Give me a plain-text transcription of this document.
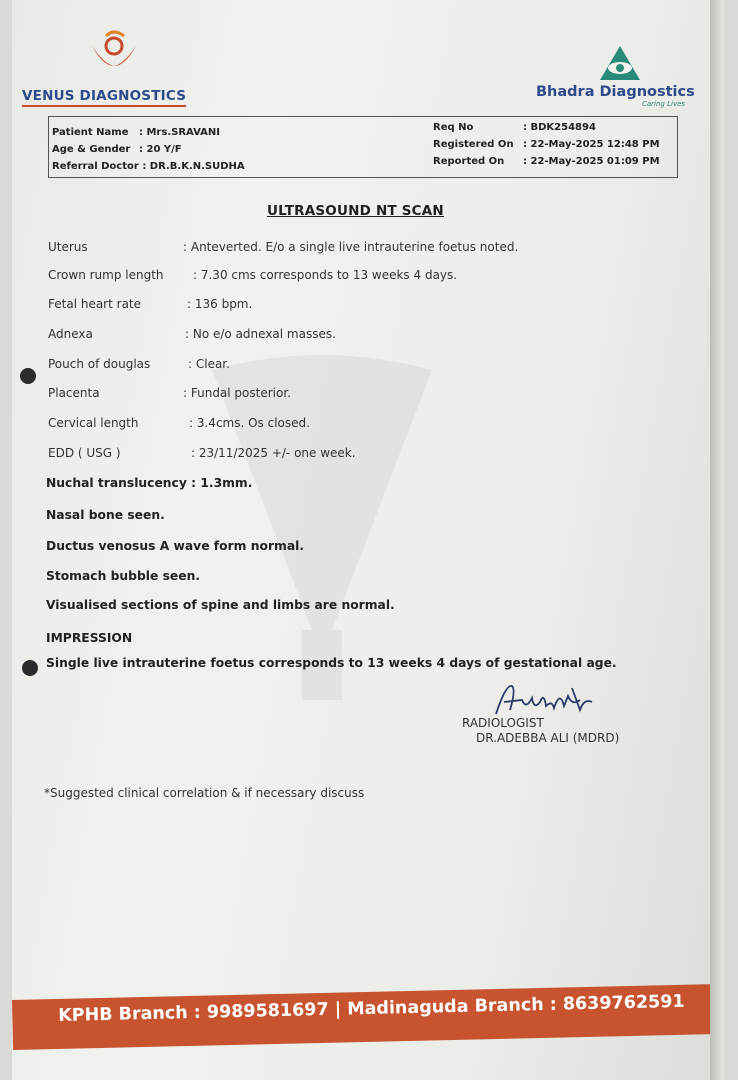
VENUS DIAGNOSTICS	Bhadra Diagnostics
Caring Lives
Patient Name : Mrs.SRAVANI
Age & Gender : 20 Y/F
Referral Doctor : DR.B.K.N.SUDHA
Req No	: BDK254894
Registered On : 22-May-2025 12:48 PM
Reported On : 22-May-2025 01:09 PM
ULTRASOUND NT SCAN
Uterus	: Anteverted. E/o a single live intrauterine foetus noted.
Crown rump length : 7.30 cms corresponds to 13 weeks 4 days.
Fetal heart rate	: 136 bpm.
Adnexa	: No e/o adnexal masses.
Pouch of douglas	: Clear.
Placenta	: Fundal posterior.
Cervical length	: 3.4cms. Os closed.
EDD ( USG )	: 23/11/2025 +/- one week.
Nuchal translucency : 1.3mm.
Nasal bone seen.
Ductus venosus A wave form normal.
Stomach bubble seen.
Visualised sections of spine and limbs are normal.
IMPRESSION
Single live intrauterine foetus corresponds to 13 weeks 4 days of gestational age.
RADIOLOGIST
DR.ADEBBA ALI (MDRD)
*Suggested clinical correlation & if necessary discuss
KPHB Branch : 9989581697 | Madinaguda Branch : 8639762591
